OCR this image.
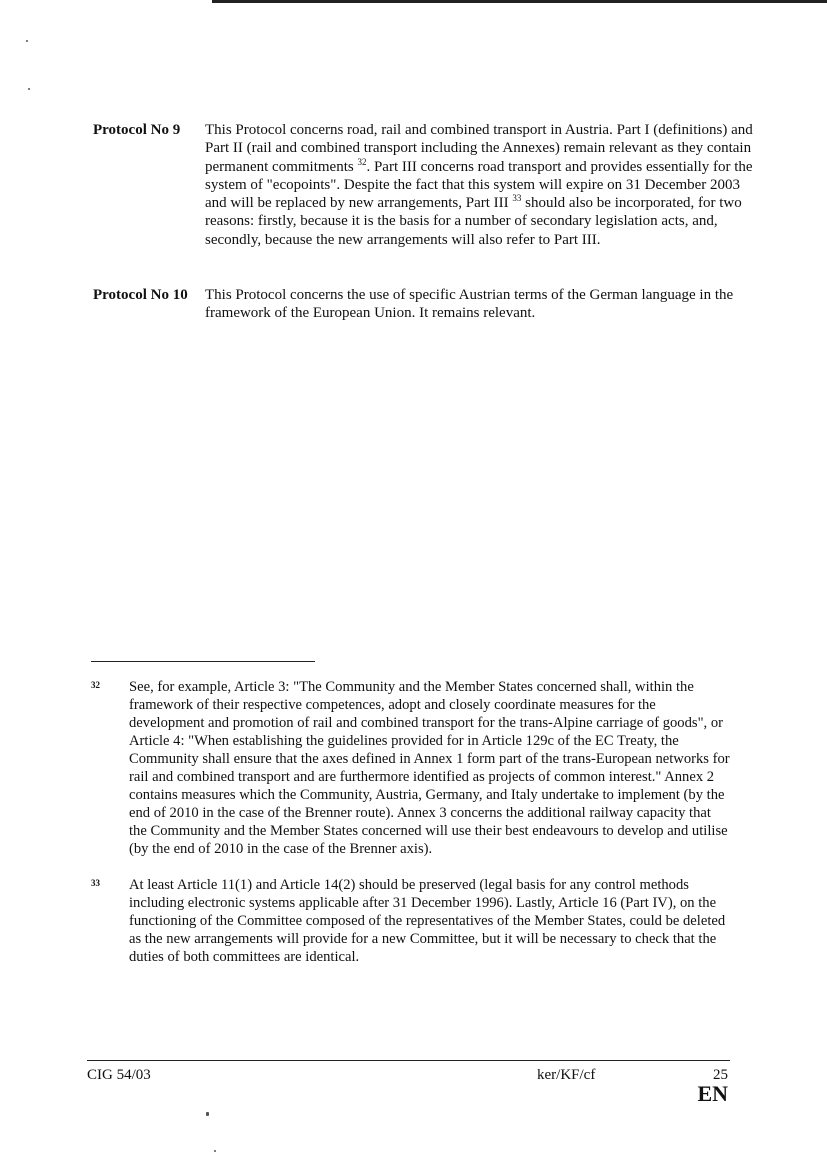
Protocol No 9	This Protocol concerns road, rail and combined transport in Austria. Part I (definitions) and Part II (rail and combined transport including the Annexes) remain relevant as they contain permanent commitments $^{32}$. Part III concerns road transport and provides essentially for the system of "ecopoints". Despite the fact that this system will expire on 31 December 2003 and will be replaced by new arrangements, Part III $^{33}$ should also be incorporated, for two reasons: firstly, because it is the basis for a number of secondary legislation acts, and, secondly, because the new arrangements will also refer to Part III.
Protocol No 10	This Protocol concerns the use of specific Austrian terms of the German language in the framework of the European Union. It remains relevant.
32	See, for example, Article 3: "The Community and the Member States concerned shall, within the framework of their respective competences, adopt and closely coordinate measures for the development and promotion of rail and combined transport for the trans-Alpine carriage of goods", or Article 4: "When establishing the guidelines provided for in Article 129c of the EC Treaty, the Community shall ensure that the axes defined in Annex 1 form part of the trans-European networks for rail and combined transport and are furthermore identified as projects of common interest." Annex 2 contains measures which the Community, Austria, Germany, and Italy undertake to implement (by the end of 2010 in the case of the Brenner route). Annex 3 concerns the additional railway capacity that the Community and the Member States concerned will use their best endeavours to develop and utilise (by the end of 2010 in the case of the Brenner axis).
33	At least Article 11(1) and Article 14(2) should be preserved (legal basis for any control methods including electronic systems applicable after 31 December 1996). Lastly, Article 16 (Part IV), on the functioning of the Committee composed of the representatives of the Member States, could be deleted as the new arrangements will provide for a new Committee, but it will be necessary to check that the duties of both committees are identical.
CIG 54/03	ker/KF/cf	25
EN
